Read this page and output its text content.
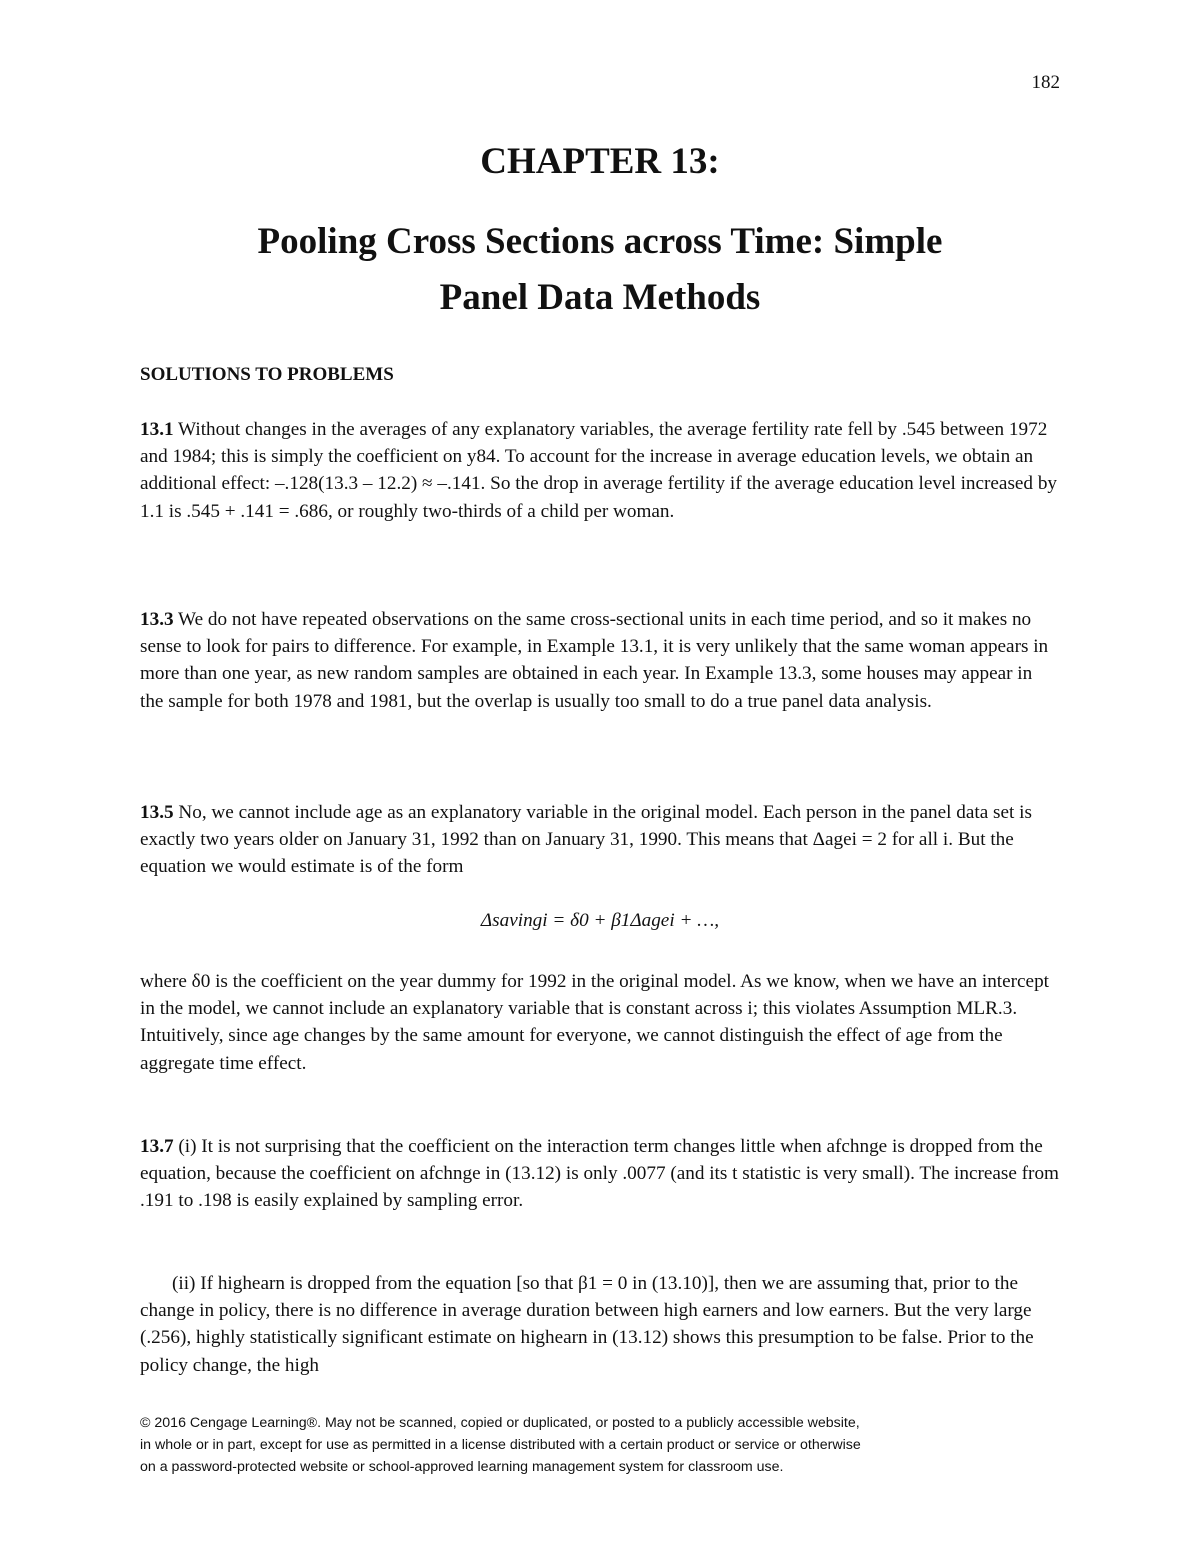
182
CHAPTER 13:
Pooling Cross Sections across Time: Simple
Panel Data Methods
SOLUTIONS TO PROBLEMS

13.1 Without changes in the averages of any explanatory variables, the average fertility rate fell by .545 between 1972 and 1984; this is simply the coefficient on y84. To account for the increase in average education levels, we obtain an additional effect: –.128(13.3 – 12.2) ≈ –.141. So the drop in average fertility if the average education level increased by 1.1 is .545 + .141 = .686, or roughly two-thirds of a child per woman.

13.3 We do not have repeated observations on the same cross-sectional units in each time period, and so it makes no sense to look for pairs to difference. For example, in Example 13.1, it is very unlikely that the same woman appears in more than one year, as new random samples are obtained in each year. In Example 13.3, some houses may appear in the sample for both 1978 and 1981, but the overlap is usually too small to do a true panel data analysis.

13.5 No, we cannot include age as an explanatory variable in the original model. Each person in the panel data set is exactly two years older on January 31, 1992 than on January 31, 1990. This means that Δagei = 2 for all i. But the equation we would estimate is of the form

Δsavingi = δ0 + β1Δagei + …,

where δ0 is the coefficient on the year dummy for 1992 in the original model. As we know, when we have an intercept in the model, we cannot include an explanatory variable that is constant across i; this violates Assumption MLR.3. Intuitively, since age changes by the same amount for everyone, we cannot distinguish the effect of age from the aggregate time effect.

13.7 (i) It is not surprising that the coefficient on the interaction term changes little when afchnge is dropped from the equation, because the coefficient on afchnge in (13.12) is only .0077 (and its t statistic is very small). The increase from .191 to .198 is easily explained by sampling error.

(ii) If highearn is dropped from the equation [so that β1 = 0 in (13.10)], then we are assuming that, prior to the change in policy, there is no difference in average duration between high earners and low earners. But the very large (.256), highly statistically significant estimate on highearn in (13.12) shows this presumption to be false. Prior to the policy change, the high

© 2016 Cengage Learning®. May not be scanned, copied or duplicated, or posted to a publicly accessible website,
in whole or in part, except for use as permitted in a license distributed with a certain product or service or otherwise
on a password-protected website or school-approved learning management system for classroom use.
